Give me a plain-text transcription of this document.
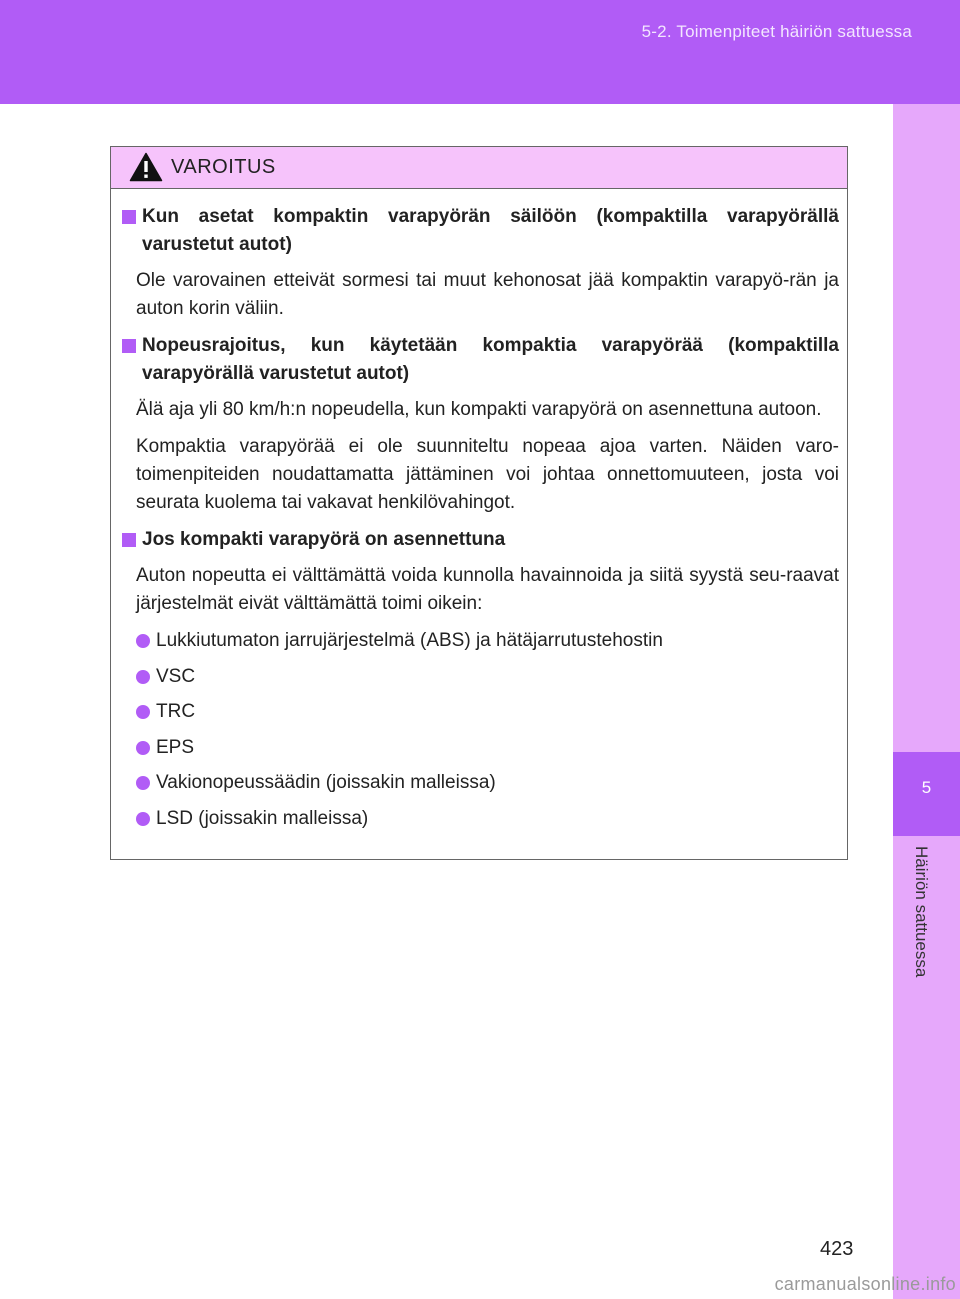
5-2. Toimenpiteet häiriön sattuessa
5
Häiriön sattuessa
VAROITUS
Kun asetat kompaktin varapyörän säilöön (kompaktilla varapyörällä varustetut autot)
Ole varovainen etteivät sormesi tai muut kehonosat jää kompaktin varapyö-rän ja auton korin väliin.
Nopeusrajoitus, kun käytetään kompaktia varapyörää (kompaktilla varapyörällä varustetut autot)
Älä aja yli 80 km/h:n nopeudella, kun kompakti varapyörä on asennettuna autoon.
Kompaktia varapyörää ei ole suunniteltu nopeaa ajoa varten. Näiden varo-toimenpiteiden noudattamatta jättäminen voi johtaa onnettomuuteen, josta voi seurata kuolema tai vakavat henkilövahingot.
Jos kompakti varapyörä on asennettuna
Auton nopeutta ei välttämättä voida kunnolla havainnoida ja siitä syystä seu-raavat järjestelmät eivät välttämättä toimi oikein:
Lukkiutumaton jarrujärjestelmä (ABS) ja hätäjarrutustehostin
VSC
TRC
EPS
Vakionopeussäädin (joissakin malleissa)
LSD (joissakin malleissa)
423
carmanualsonline.info
